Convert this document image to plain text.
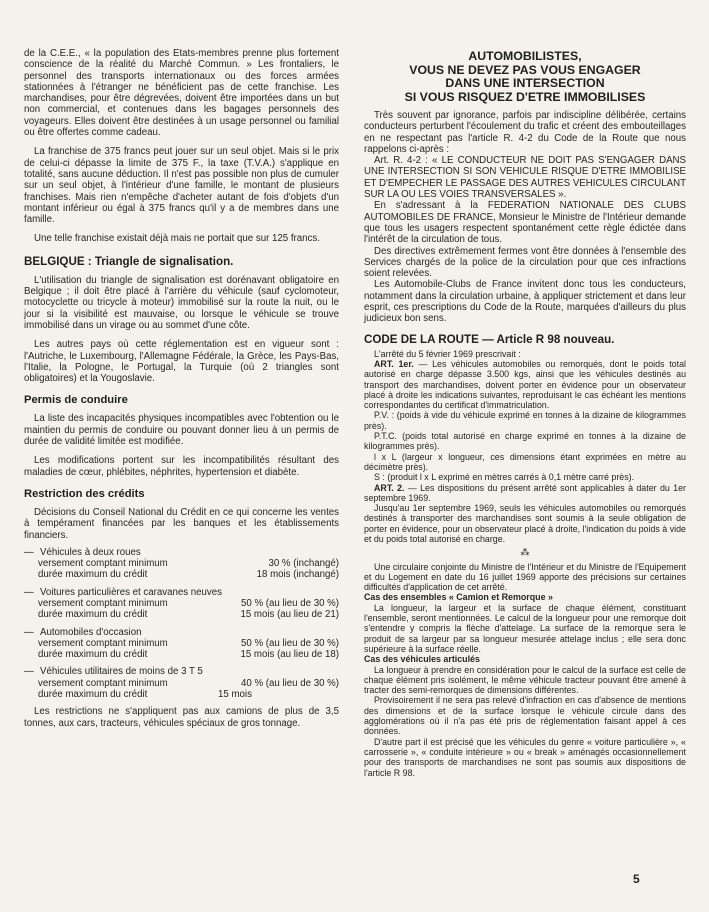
de la C.E.E., « la population des Etats-membres prenne plus fortement conscience de la réalité du Marché Commun. » Les frontaliers, le personnel des transports internationaux ou des forces armées stationnées à l'étranger ne bénéficient pas de cette franchise. Les marchandises, pour être dégrevées, doivent être importées dans un but non commercial, et contenues dans les bagages personnels des voyageurs. Elles doivent être destinées à un usage personnel ou familial ou être offertes comme cadeau.

La franchise de 375 francs peut jouer sur un seul objet. Mais si le prix de celui-ci dépasse la limite de 375 F., la taxe (T.V.A.) s'applique en totalité, sans aucune déduction. Il n'est pas possible non plus de cumuler sur un seul objet, à l'intérieur d'une famille, le montant de plusieurs franchises. Mais rien n'empêche d'acheter autant de fois d'objets d'un montant inférieur ou égal à 375 francs qu'il y a de membres dans une famille.

Une telle franchise existait déjà mais ne portait que sur 125 francs.

BELGIQUE : Triangle de signalisation.

L'utilisation du triangle de signalisation est dorénavant obligatoire en Belgique ; il doit être placé à l'arrière du véhicule (sauf cyclomoteur, motocyclette ou tricycle à moteur) immobilisé sur la route la nuit, ou le jour si la visibilité est mauvaise, ou lorsque le véhicule se trouve immobilisé dans un virage ou au sommet d'une côte.

Les autres pays où cette réglementation est en vigueur sont : l'Autriche, le Luxembourg, l'Allemagne Fédérale, la Grèce, les Pays-Bas, l'Italie, la Pologne, le Portugal, la Turquie (où 2 triangles sont obligatoires) et la Yougoslavie.

Permis de conduire

La liste des incapacités physiques incompatibles avec l'obtention ou le maintien du permis de conduire ou pouvant donner lieu à un permis de durée de validité limitée est modifiée.

Les modifications portent sur les incompatibilités résultant des maladies de cœur, phlébites, néphrites, hypertension et diabète.

Restriction des crédits
Décisions du Conseil National du Crédit en ce qui concerne les ventes à tempérament financées par les banques et les établissements financiers.
— Véhicules à deux roues
versement comptant minimum	30 % (inchangé)
durée maximum du crédit	18 mois (inchangé)
— Voitures particulières et caravanes neuves
versement comptant minimum	50 % (au lieu de 30 %)
durée maximum du crédit	15 mois (au lieu de 21)
— Automobiles d'occasion
versement comptant minimum	50 % (au lieu de 30 %)
durée maximum du crédit	15 mois (au lieu de 18)
— Véhicules utilitaires de moins de 3 T 5
versement comptant minimum	40 % (au lieu de 30 %)
durée maximum du crédit	15 mois

Les restrictions ne s'appliquent pas aux camions de plus de 3,5 tonnes, aux cars, tracteurs, véhicules spéciaux de gros tonnage.

AUTOMOBILISTES,
VOUS NE DEVEZ PAS VOUS ENGAGER
DANS UNE INTERSECTION
SI VOUS RISQUEZ D'ETRE IMMOBILISES

Très souvent par ignorance, parfois par indiscipline délibérée, certains conducteurs perturbent l'écoulement du trafic et créent des embouteillages en ne respectant pas l'article R. 4-2 du Code de la Route que nous rappelons ci-après :

Art. R. 4-2 : « LE CONDUCTEUR NE DOIT PAS S'ENGAGER DANS UNE INTERSECTION SI SON VEHICULE RISQUE D'ETRE IMMOBILISE ET D'EMPECHER LE PASSAGE DES AUTRES VEHICULES CIRCULANT SUR LA OU LES VOIES TRANSVERSALES ».

En s'adressant à la FEDERATION NATIONALE DES CLUBS AUTOMOBILES DE FRANCE, Monsieur le Ministre de l'Intérieur demande que tous les usagers respectent spontanément cette règle édictée dans l'intérêt de la circulation de tous.

Des directives extrêmement fermes vont être données à l'ensemble des Services chargés de la police de la circulation pour que ces infractions soient relevées.

Les Automobile-Clubs de France invitent donc tous les conducteurs, notamment dans la circulation urbaine, à appliquer strictement et dans leur esprit, ces prescriptions du Code de la Route, marquées d'ailleurs du plus judicieux bon sens.

CODE DE LA ROUTE — Article R 98 nouveau.

L'arrêté du 5 février 1969 prescrivait :

ART. 1er. — Les véhicules automobiles ou remorqués, dont le poids total autorisé en charge dépasse 3.500 kgs, ainsi que les véhicules destinés au transport des marchandises, doivent porter en évidence pour un observateur placé à droite les indications suivantes, reproduisant le cas échéant les mentions correspondantes du certificat d'immatriculation.

P.V. : (poids à vide du véhicule exprimé en tonnes à la dizaine de kilogrammes près).

P.T.C. (poids total autorisé en charge exprimé en tonnes à la dizaine de kilogrammes près).

l x L (largeur x longueur, ces dimensions étant exprimées en mètre au décimètre près).

S : (produit l x L exprimé en mètres carrés à 0,1 mètre carré près).

ART. 2. — Les dispositions du présent arrêté sont applicables à dater du 1er septembre 1969.

Jusqu'au 1er septembre 1969, seuls les véhicules automobiles ou remorqués destinés à transporter des marchandises sont soumis à la seule obligation de porter en évidence, pour un observateur placé à droite, l'indication du poids à vide et du poids total autorisé en charge.

⁂

Une circulaire conjointe du Ministre de l'Intérieur et du Ministre de l'Equipement et du Logement en date du 16 juillet 1969 apporte des précisions sur certaines difficultés d'application de cet arrêté.

Cas des ensembles « Camion et Remorque »

La longueur, la largeur et la surface de chaque élément, constituant l'ensemble, seront mentionnées. Le calcul de la longueur pour une remorque doit s'entendre y compris la flèche d'attelage. La surface de la remorque sera le produit de sa largeur par sa longueur mesurée attelage inclus ; elle sera donc supérieure à la surface réelle.

Cas des véhicules articulés

La longueur à prendre en considération pour le calcul de la surface est celle de chaque élément pris isolément, le même véhicule tracteur pouvant être amené à tracter des semi-remorques de dimensions différentes.

Provisoirement il ne sera pas relevé d'infraction en cas d'absence de mentions des dimensions et de la surface lorsque le véhicule circule dans des agglomérations où il n'a pas été pris de réglementation faisant appel à ces données.

D'autre part il est précisé que les véhicules du genre « voiture particulière », « carrosserie », « conduite intérieure » ou « break » aménagés occasionnellement pour des transports de marchandises ne sont pas soumis aux dispositions de l'article R 98.

5
